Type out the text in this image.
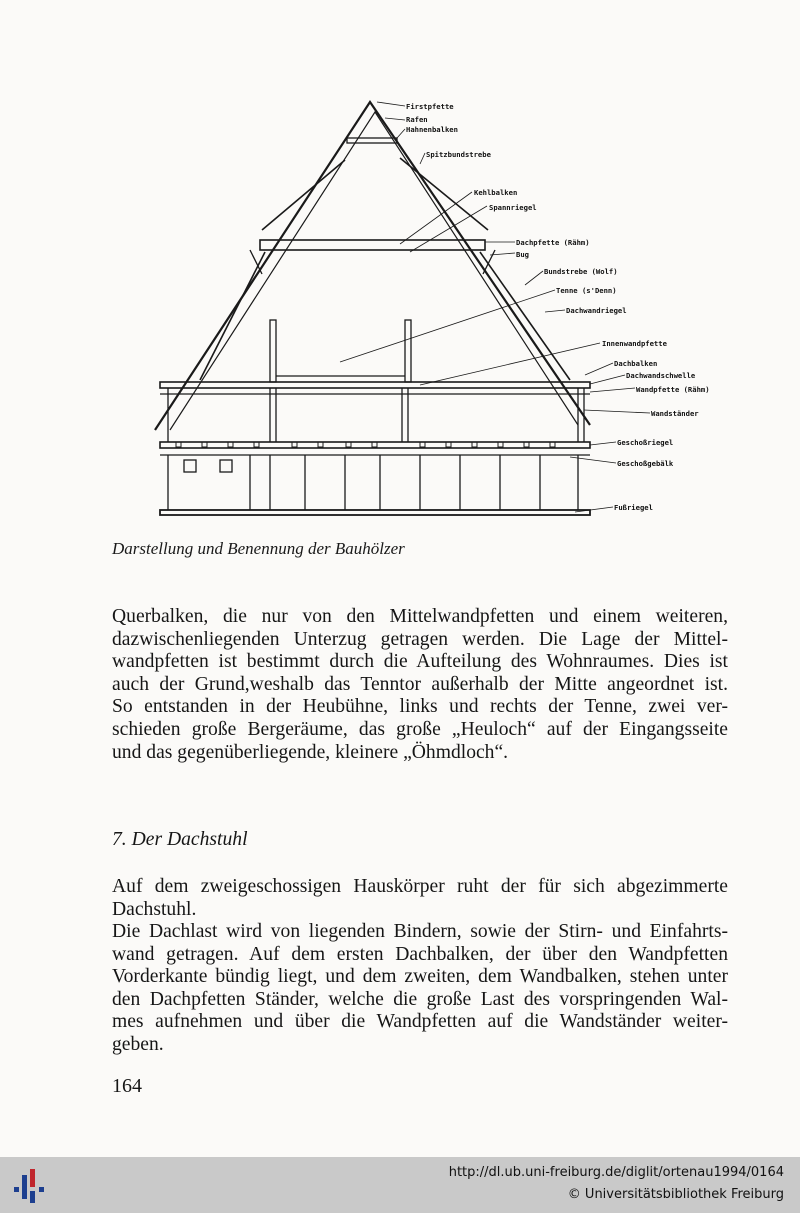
Firstpfette
Rafen
Hahnenbalken
Spitzbundstrebe
Kehlbalken
Spannriegel
Dachpfette (Rähm)
Bug
Bundstrebe (Wolf)
Tenne (s'Denn)
Dachwandriegel
Innenwandpfette
Dachbalken
Dachwandschwelle
Wandpfette (Rähm)
Wandständer
Geschoßriegel
Geschoßgebälk
Fußriegel
Darstellung und Benennung der Bauhölzer
Querbalken, die nur von den Mittelwandpfetten und einem weiteren,
dazwischenliegenden Unterzug getragen werden. Die Lage der Mittel-
wandpfetten ist bestimmt durch die Aufteilung des Wohnraumes. Dies ist
auch der Grund,weshalb das Tenntor außerhalb der Mitte angeordnet ist.
So entstanden in der Heubühne, links und rechts der Tenne, zwei ver-
schieden große Bergeräume, das große „Heuloch“ auf der Eingangsseite
und das gegenüberliegende, kleinere „Öhmdloch“.
7. Der Dachstuhl
Auf dem zweigeschossigen Hauskörper ruht der für sich abgezimmerte
Dachstuhl.
Die Dachlast wird von liegenden Bindern, sowie der Stirn- und Einfahrts-
wand getragen. Auf dem ersten Dachbalken, der über den Wandpfetten
Vorderkante bündig liegt, und dem zweiten, dem Wandbalken, stehen unter
den Dachpfetten Ständer, welche die große Last des vorspringenden Wal-
mes aufnehmen und über die Wandpfetten auf die Wandständer weiter-
geben.
164
http://dl.ub.uni-freiburg.de/diglit/ortenau1994/0164
© Universitätsbibliothek Freiburg
